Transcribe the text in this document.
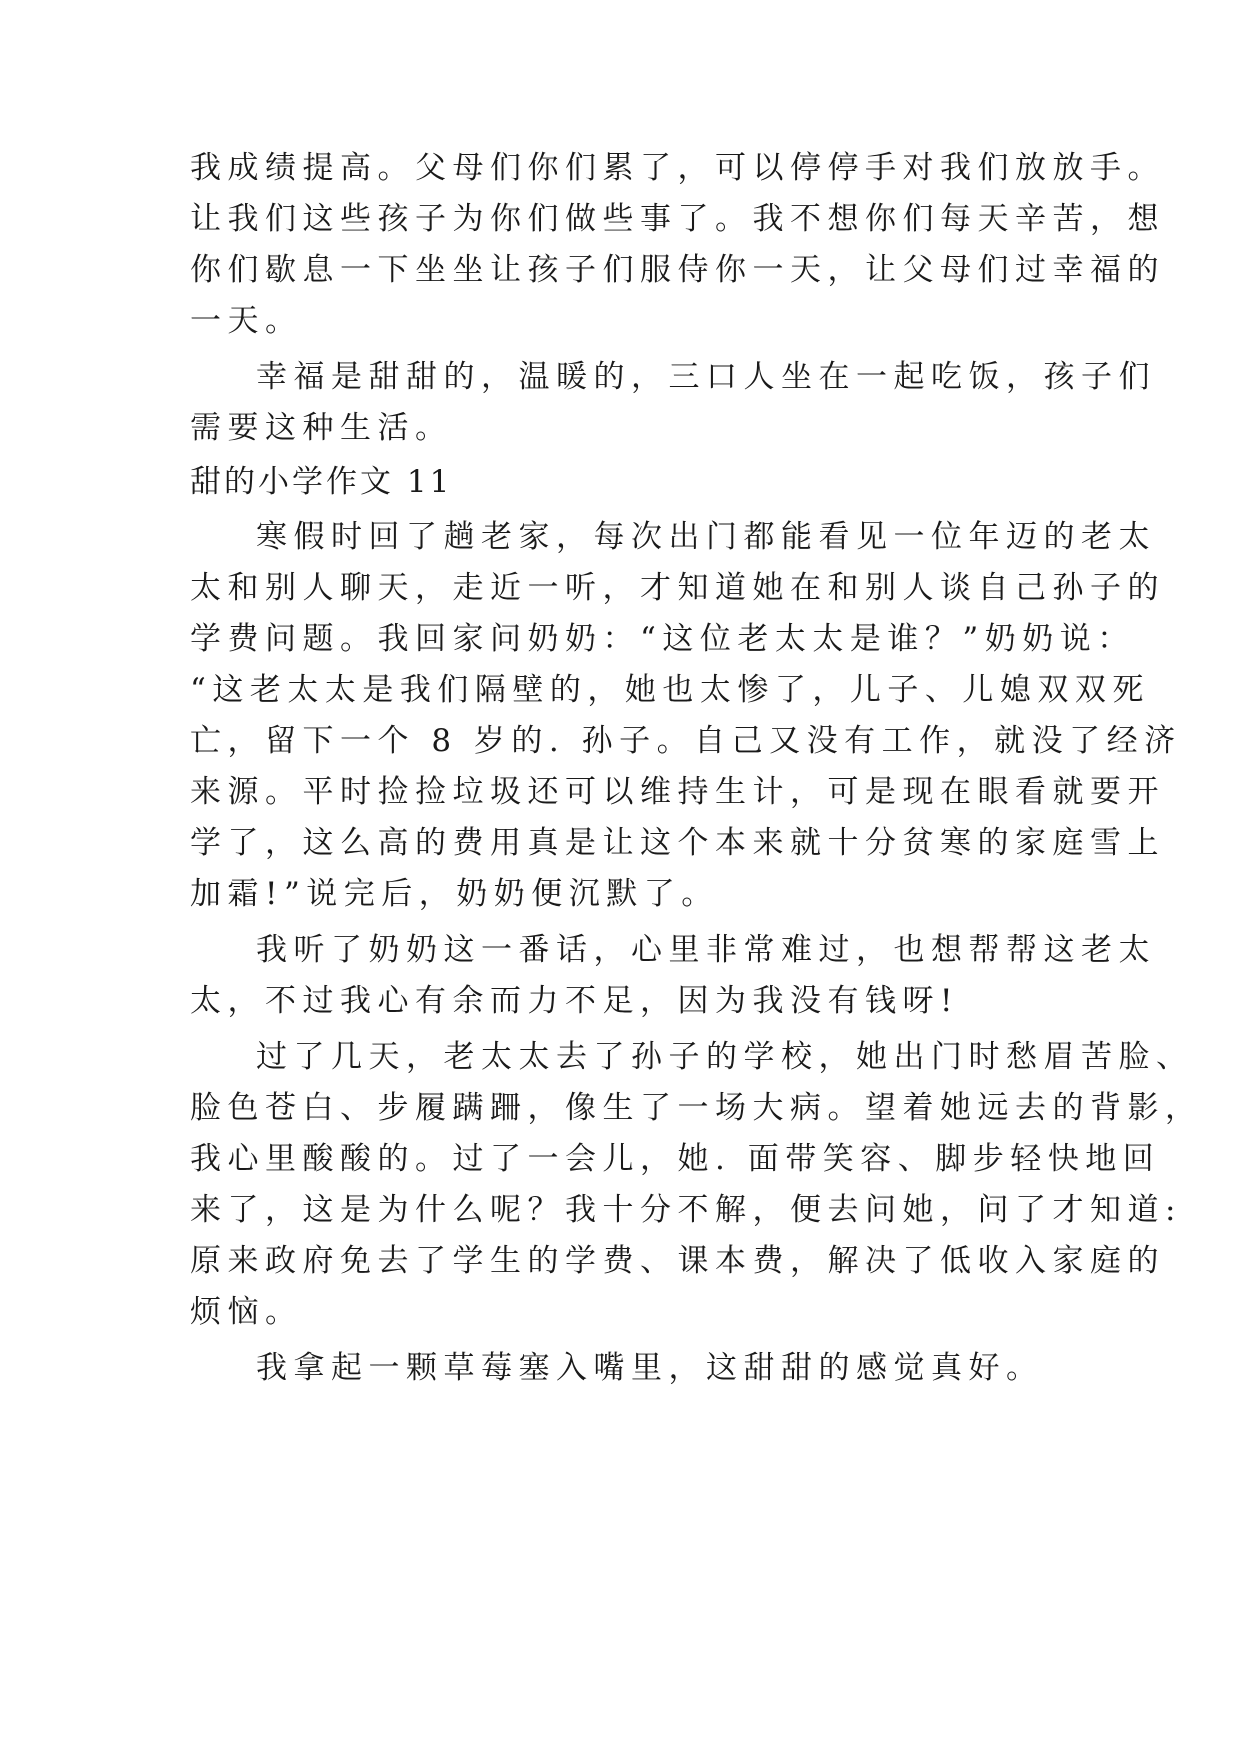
我成绩提高。父母们你们累了，可以停停手对我们放放手。
让我们这些孩子为你们做些事了。我不想你们每天辛苦，想
你们歇息一下坐坐让孩子们服侍你一天，让父母们过幸福的
一天。
幸福是甜甜的，温暖的，三口人坐在一起吃饭，孩子们
需要这种生活。
甜的小学作文 11
寒假时回了趟老家，每次出门都能看见一位年迈的老太
太和别人聊天，走近一听，才知道她在和别人谈自己孙子的
学费问题。我回家问奶奶：“这位老太太是谁？”奶奶说：
“这老太太是我们隔壁的，她也太惨了，儿子、儿媳双双死
亡，留下一个 8 岁的. 孙子。自己又没有工作，就没了经济
来源。平时捡捡垃圾还可以维持生计，可是现在眼看就要开
学了，这么高的费用真是让这个本来就十分贫寒的家庭雪上
加霜!”说完后，奶奶便沉默了。
我听了奶奶这一番话，心里非常难过，也想帮帮这老太
太，不过我心有余而力不足，因为我没有钱呀!
过了几天，老太太去了孙子的学校，她出门时愁眉苦脸、
脸色苍白、步履蹒跚，像生了一场大病。望着她远去的背影，
我心里酸酸的。过了一会儿，她. 面带笑容、脚步轻快地回
来了，这是为什么呢？我十分不解，便去问她，问了才知道:
原来政府免去了学生的学费、课本费，解决了低收入家庭的
烦恼。
我拿起一颗草莓塞入嘴里，这甜甜的感觉真好。
